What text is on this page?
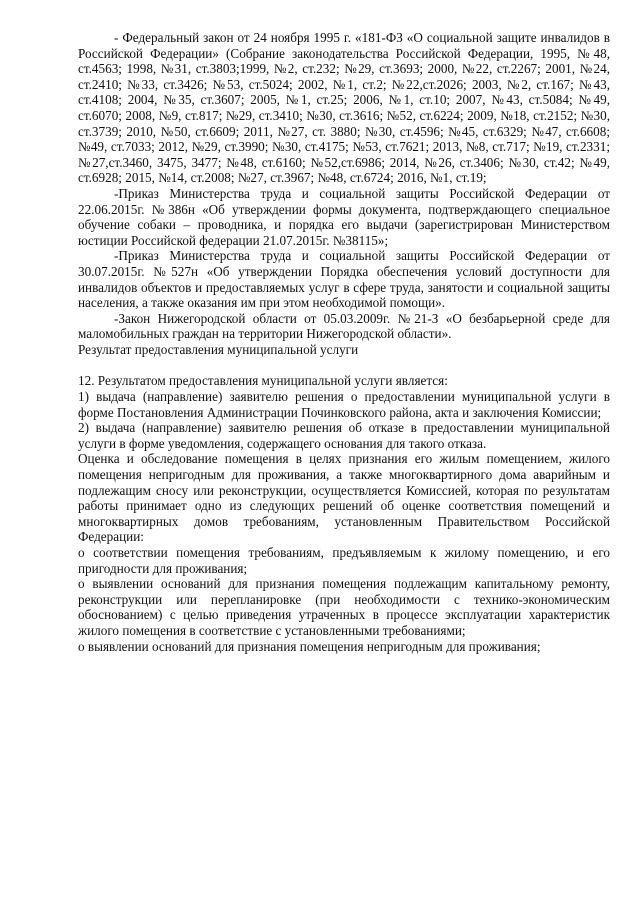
- Федеральный закон от 24 ноября 1995 г. «181-ФЗ «О социальной защите инвалидов в Российской Федерации» (Собрание законодательства Российской Федерации, 1995, №48, ст.4563; 1998, №31, ст.3803;1999, №2, ст.232; №29, ст.3693; 2000, №22, ст.2267; 2001, №24, ст.2410; №33, ст.3426; №53, ст.5024; 2002, №1, ст.2; №22,ст.2026; 2003, №2, ст.167; №43, ст.4108; 2004, №35, ст.3607; 2005, №1, ст.25; 2006, №1, ст.10; 2007, №43, ст.5084; №49, ст.6070; 2008, №9, ст.817; №29, ст.3410; №30, ст.3616; №52, ст.6224; 2009, №18, ст.2152; №30, ст.3739; 2010, №50, ст.6609; 2011, №27, ст. 3880; №30, ст.4596; №45, ст.6329; №47, ст.6608; №49, ст.7033; 2012, №29, ст.3990; №30, ст.4175; №53, ст.7621; 2013, №8, ст.717; №19, ст.2331; №27,ст.3460, 3475, 3477; №48, ст.6160; №52,ст.6986; 2014, №26, ст.3406; №30, ст.42; №49, ст.6928; 2015, №14, ст.2008; №27, ст.3967; №48, ст.6724; 2016, №1, ст.19;

-Приказ Министерства труда и социальной защиты Российской Федерации от 22.06.2015г. №386н «Об утверждении формы документа, подтверждающего специальное обучение собаки – проводника, и порядка его выдачи (зарегистрирован Министерством юстиции Российской федерации 21.07.2015г. №38115»;

-Приказ Министерства труда и социальной защиты Российской Федерации от 30.07.2015г. №527н «Об утверждении Порядка обеспечения условий доступности для инвалидов объектов и предоставляемых услуг в сфере труда, занятости и социальной защиты населения, а также оказания им при этом необходимой помощи».

-Закон Нижегородской области от 05.03.2009г. №21-З «О безбарьерной среде для маломобильных граждан на территории Нижегородской области».

Результат предоставления муниципальной услуги

12. Результатом предоставления муниципальной услуги является:

1) выдача (направление) заявителю решения о предоставлении муниципальной услуги в форме Постановления Администрации Починковского района, акта и заключения Комиссии;

2) выдача (направление) заявителю решения об отказе в предоставлении муниципальной услуги в форме уведомления, содержащего основания для такого отказа.

Оценка и обследование помещения в целях признания его жилым помещением, жилого помещения непригодным для проживания, а также многоквартирного дома аварийным и подлежащим сносу или реконструкции, осуществляется Комиссией, которая по результатам работы принимает одно из следующих решений об оценке соответствия помещений и многоквартирных домов требованиям, установленным Правительством Российской Федерации:

о соответствии помещения требованиям, предъявляемым к жилому помещению, и его пригодности для проживания;

о выявлении оснований для признания помещения подлежащим капитальному ремонту, реконструкции или перепланировке (при необходимости с технико-экономическим обоснованием) с целью приведения утраченных в процессе эксплуатации характеристик жилого помещения в соответствие с установленными требованиями;

о выявлении оснований для признания помещения непригодным для проживания;
